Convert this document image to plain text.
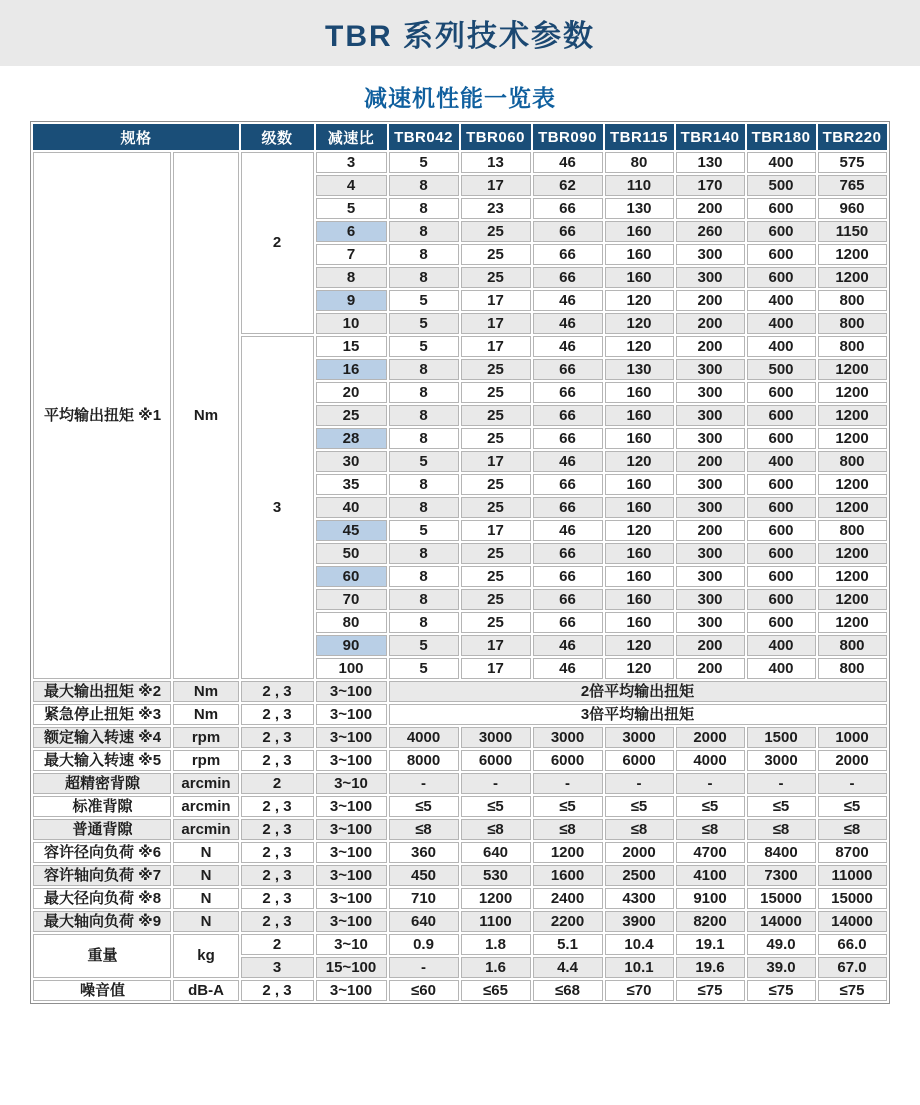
TBR 系列技术参数
减速机性能一览表
规格		级数	减速比	TBR042	TBR060	TBR090	TBR115	TBR140	TBR180	TBR220
平均输出扭矩 ※1	Nm	2	3	5	13	46	80	130	400	575
			4	8	17	62	110	170	500	765
			5	8	23	66	130	200	600	960
			6	8	25	66	160	260	600	1150
			7	8	25	66	160	300	600	1200
			8	8	25	66	160	300	600	1200
			9	5	17	46	120	200	400	800
			10	5	17	46	120	200	400	800
		3	15	5	17	46	120	200	400	800
			16	8	25	66	130	300	500	1200
			20	8	25	66	160	300	600	1200
			25	8	25	66	160	300	600	1200
			28	8	25	66	160	300	600	1200
			30	5	17	46	120	200	400	800
			35	8	25	66	160	300	600	1200
			40	8	25	66	160	300	600	1200
			45	5	17	46	120	200	600	800
			50	8	25	66	160	300	600	1200
			60	8	25	66	160	300	600	1200
			70	8	25	66	160	300	600	1200
			80	8	25	66	160	300	600	1200
			90	5	17	46	120	200	400	800
			100	5	17	46	120	200	400	800
最大输出扭矩 ※2	Nm	2 , 3	3~100	2倍平均输出扭矩						
紧急停止扭矩 ※3	Nm	2 , 3	3~100	3倍平均输出扭矩						
额定输入转速 ※4	rpm	2 , 3	3~100	4000	3000	3000	3000	2000	1500	1000
最大输入转速 ※5	rpm	2 , 3	3~100	8000	6000	6000	6000	4000	3000	2000
超精密背隙	arcmin	2	3~10	-	-	-	-	-	-	-
标准背隙	arcmin	2 , 3	3~100	≤5	≤5	≤5	≤5	≤5	≤5	≤5
普通背隙	arcmin	2 , 3	3~100	≤8	≤8	≤8	≤8	≤8	≤8	≤8
容许径向负荷 ※6	N	2 , 3	3~100	360	640	1200	2000	4700	8400	8700
容许轴向负荷 ※7	N	2 , 3	3~100	450	530	1600	2500	4100	7300	11000
最大径向负荷 ※8	N	2 , 3	3~100	710	1200	2400	4300	9100	15000	15000
最大轴向负荷 ※9	N	2 , 3	3~100	640	1100	2200	3900	8200	14000	14000
重量	kg	2	3~10	0.9	1.8	5.1	10.4	19.1	49.0	66.0
		3	15~100	-	1.6	4.4	10.1	19.6	39.0	67.0
噪音值	dB-A	2 , 3	3~100	≤60	≤65	≤68	≤70	≤75	≤75	≤75
